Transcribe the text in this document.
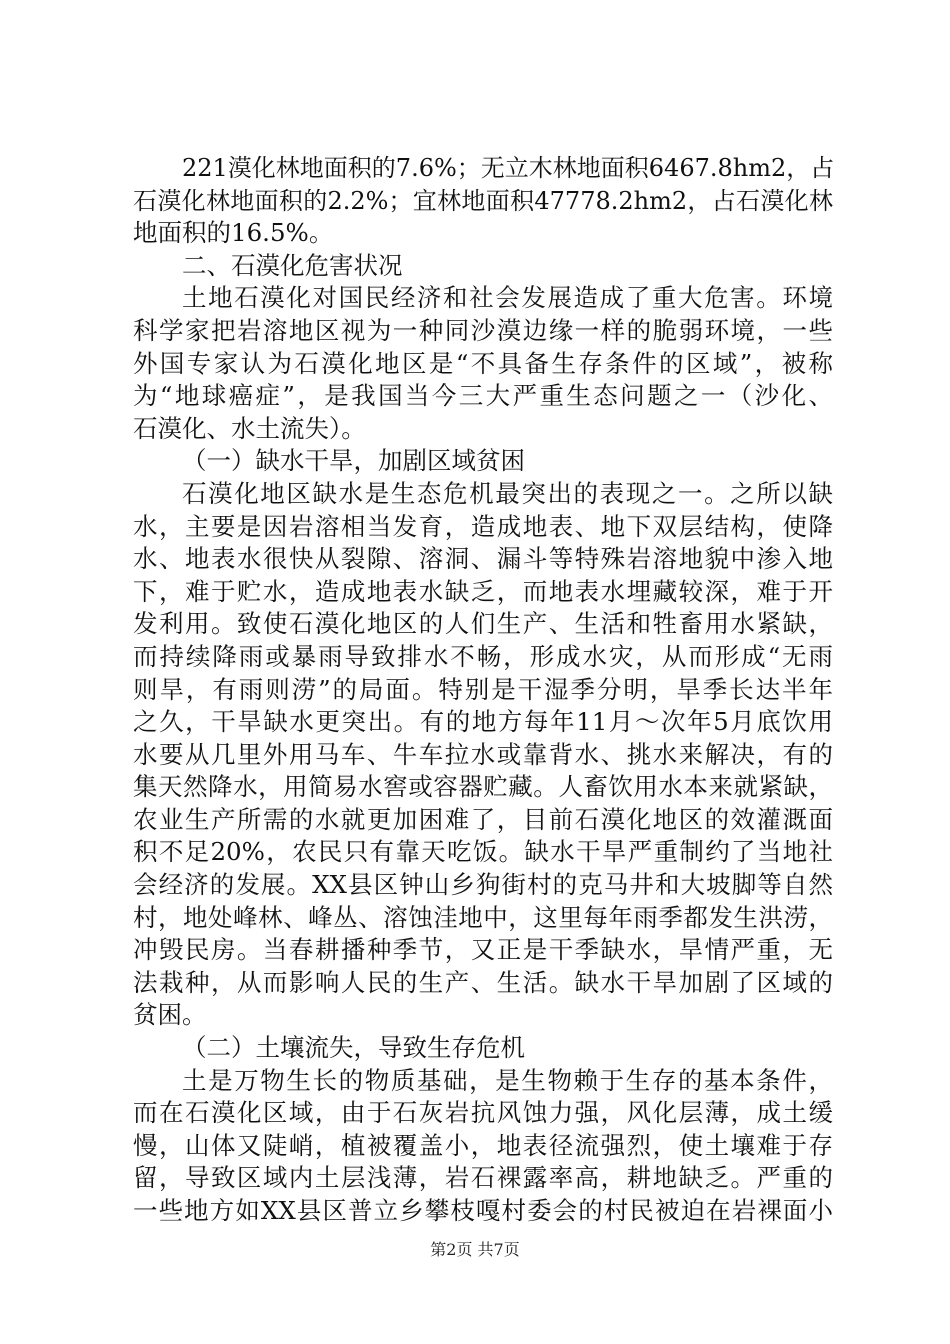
221漠化林地面积的7.6%；无立木林地面积6467.8hm2，占
石漠化林地面积的2.2%；宜林地面积47778.2hm2，占石漠化林
地面积的16.5%。
二、石漠化危害状况
土地石漠化对国民经济和社会发展造成了重大危害。环境
科学家把岩溶地区视为一种同沙漠边缘一样的脆弱环境，一些
外国专家认为石漠化地区是“不具备生存条件的区域”，被称
为“地球癌症”，是我国当今三大严重生态问题之一（沙化、
石漠化、水土流失）。
（一）缺水干旱，加剧区域贫困
石漠化地区缺水是生态危机最突出的表现之一。之所以缺
水，主要是因岩溶相当发育，造成地表、地下双层结构，使降
水、地表水很快从裂隙、溶洞、漏斗等特殊岩溶地貌中渗入地
下，难于贮水，造成地表水缺乏，而地表水埋藏较深，难于开
发利用。致使石漠化地区的人们生产、生活和牲畜用水紧缺，
而持续降雨或暴雨导致排水不畅，形成水灾，从而形成“无雨
则旱，有雨则涝”的局面。特别是干湿季分明，旱季长达半年
之久，干旱缺水更突出。有的地方每年11月～次年5月底饮用
水要从几里外用马车、牛车拉水或靠背水、挑水来解决，有的
集天然降水，用简易水窖或容器贮藏。人畜饮用水本来就紧缺，
农业生产所需的水就更加困难了，目前石漠化地区的效灌溉面
积不足20%，农民只有靠天吃饭。缺水干旱严重制约了当地社
会经济的发展。XX县区钟山乡狗街村的克马井和大坡脚等自然
村，地处峰林、峰丛、溶蚀洼地中，这里每年雨季都发生洪涝，
冲毁民房。当春耕播种季节，又正是干季缺水，旱情严重，无
法栽种，从而影响人民的生产、生活。缺水干旱加剧了区域的
贫困。
（二）土壤流失，导致生存危机
土是万物生长的物质基础，是生物赖于生存的基本条件，
而在石漠化区域，由于石灰岩抗风蚀力强，风化层薄，成土缓
慢，山体又陡峭，植被覆盖小，地表径流强烈，使土壤难于存
留，导致区域内土层浅薄，岩石裸露率高，耕地缺乏。严重的
一些地方如XX县区普立乡攀枝嘎村委会的村民被迫在岩裸面小
第2页 共7页
